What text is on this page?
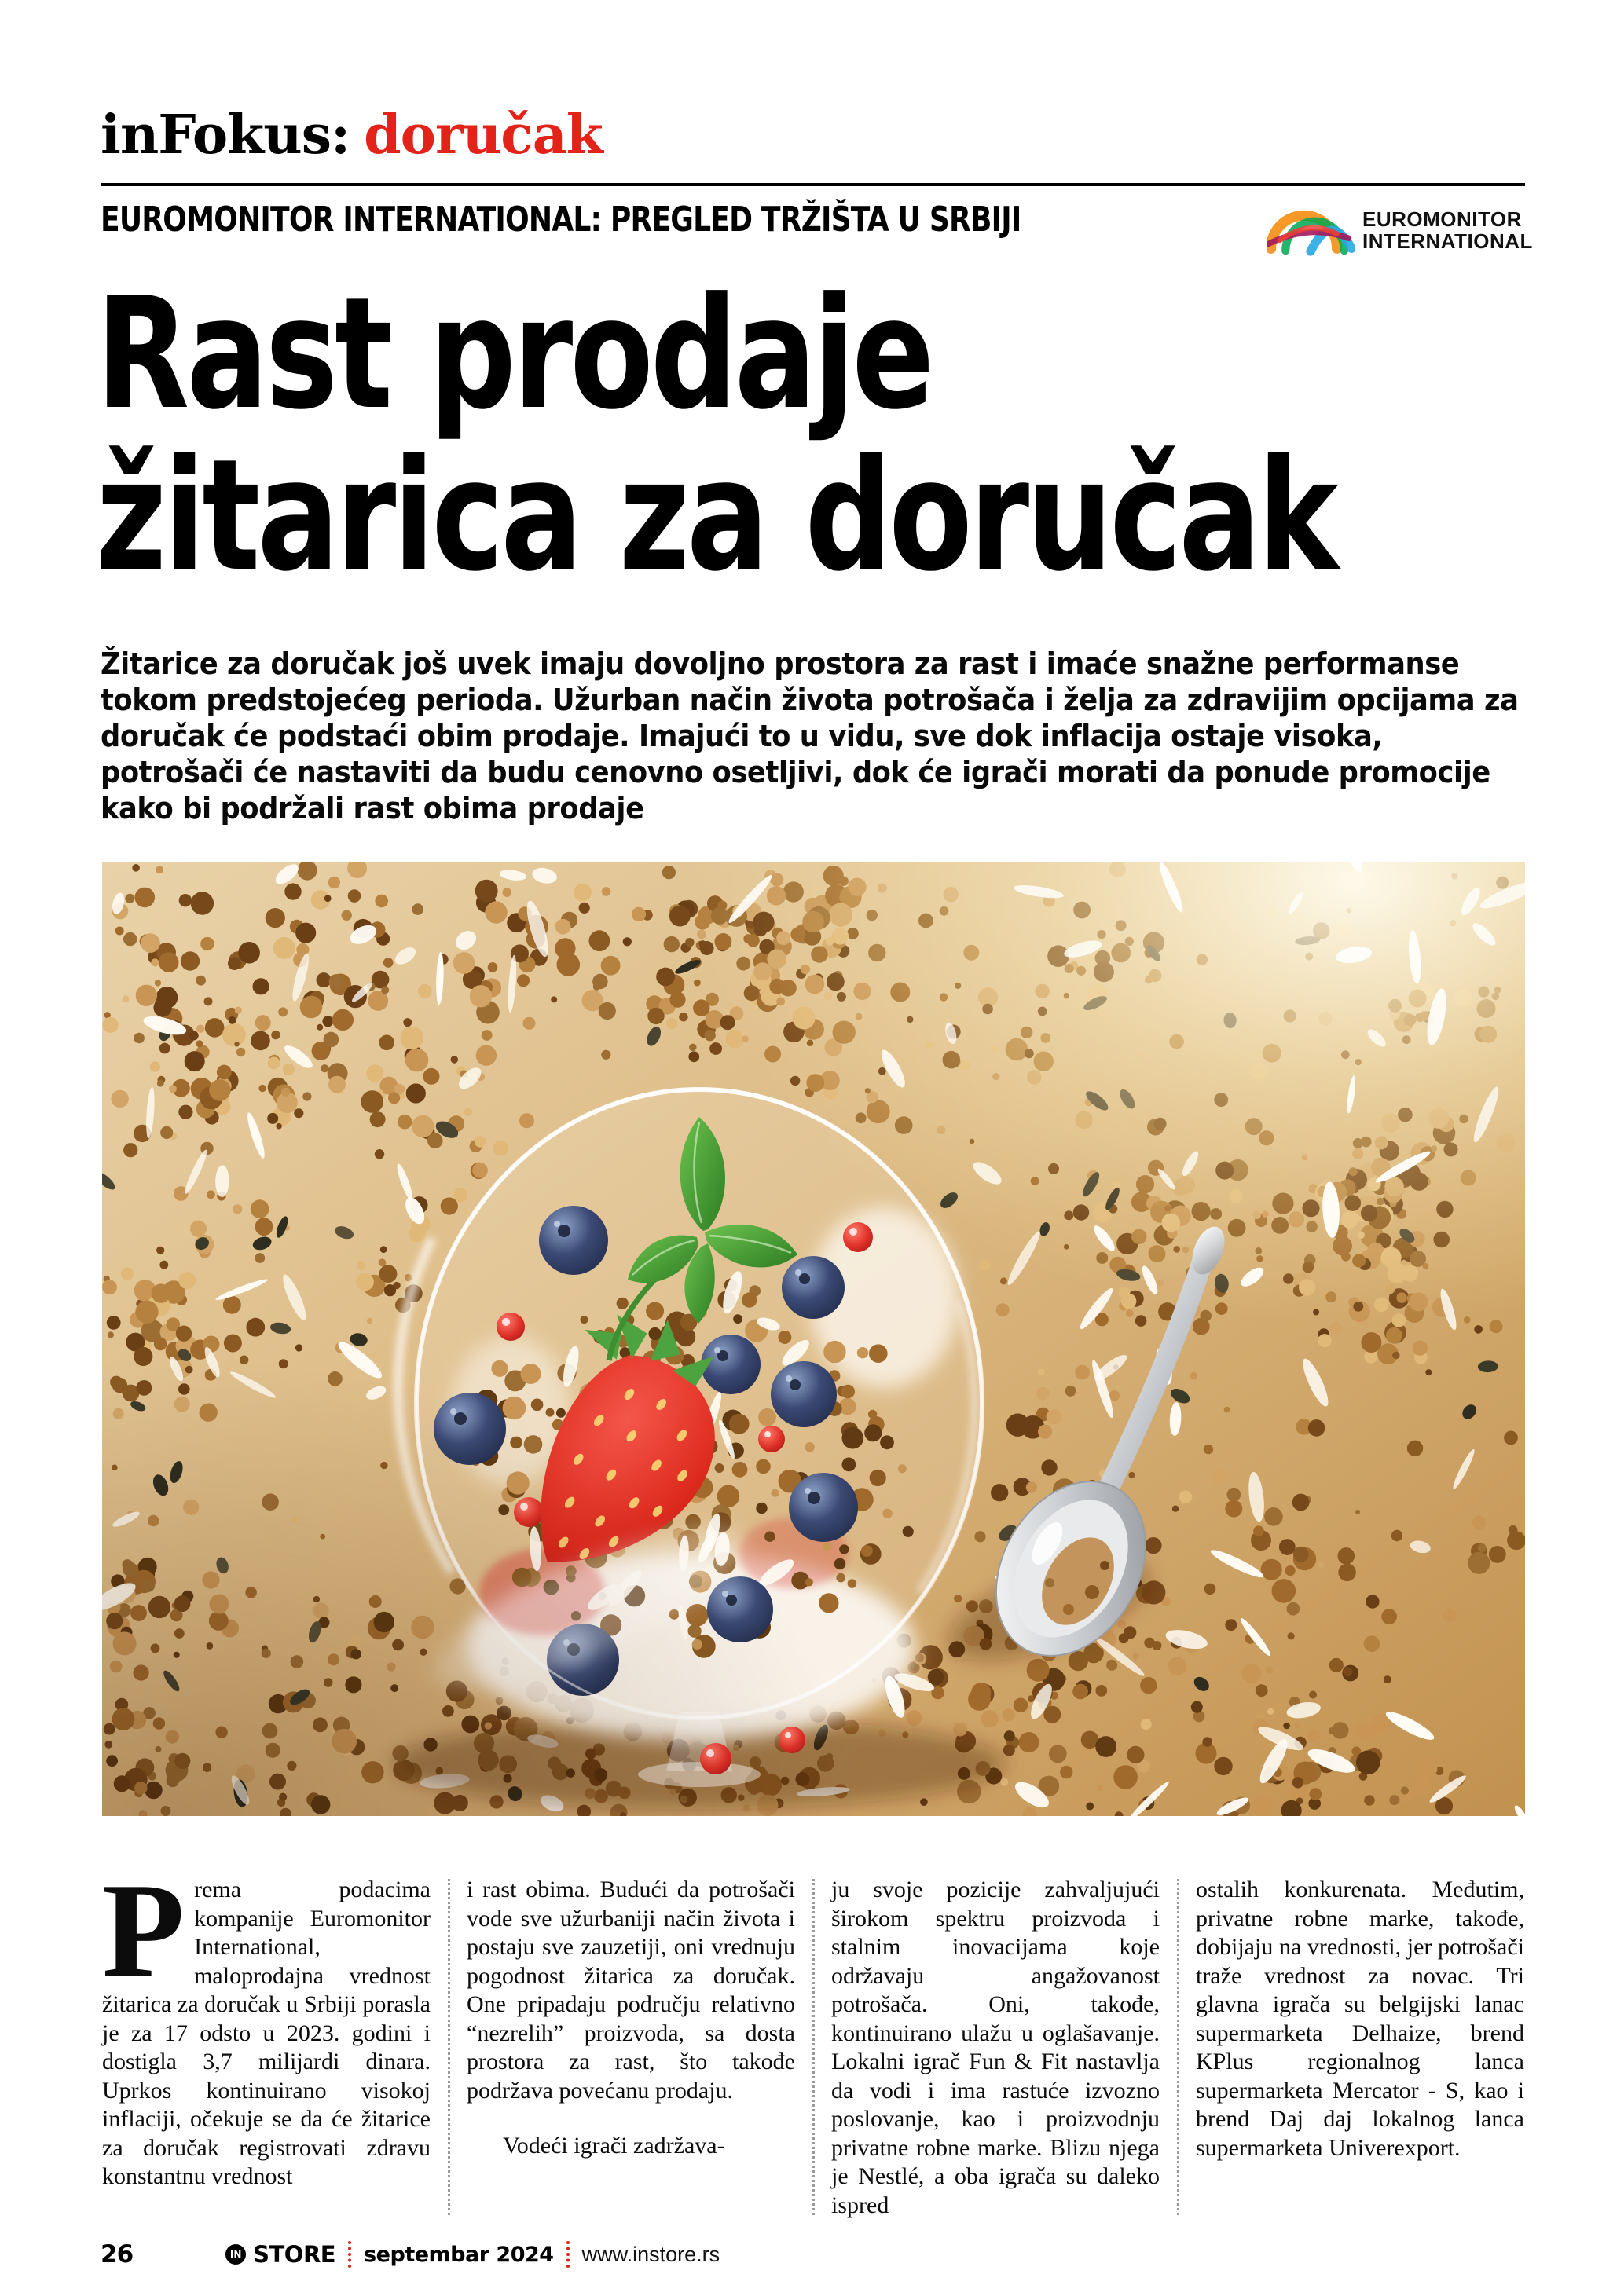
inFokus: doručak
EUROMONITOR INTERNATIONAL: PREGLED TRŽIŠTA U SRBIJI	EUROMONITOR
INTERNATIONAL
Rast prodaje
žitarica za doručak
Žitarice za doručak još uvek imaju dovoljno prostora za rast i imaće snažne performanse tokom predstojećeg perioda. Užurban način života potrošača i želja za zdravijim opcijama za doručak će podstaći obim prodaje. Imajući to u vidu, sve dok inflacija ostaje visoka, potrošači će nastaviti da budu cenovno osetljivi, dok će igrači morati da ponude promocije kako bi podržali rast obima prodaje
Prema podacima kompanije Euromonitor International, maloprodajna vrednost žitarica za doručak u Srbiji porasla je za 17 odsto u 2023. godini i dostigla 3,7 milijardi dinara. Uprkos kontinuirano visokoj inflaciji, očekuje se da će žitarice za doručak registrovati zdravu konstantnu vrednost
i rast obima. Budući da potrošači vode sve užurbaniji način života i postaju sve zauzetiji, oni vrednuju pogodnost žitarica za doručak. One pripadaju području relativno “nezrelih” proizvoda, sa dosta prostora za rast, što takođe podržava povećanu prodaju.
Vodeći igrači zadržava-
ju svoje pozicije zahvaljujući širokom spektru proizvoda i stalnim inovacijama koje održavaju angažovanost potrošača. Oni, takođe, kontinuirano ulažu u oglašavanje. Lokalni igrač Fun & Fit nastavlja da vodi i ima rastuće izvozno poslovanje, kao i proizvodnju privatne robne marke. Blizu njega je Nestlé, a oba igrača su daleko ispred
ostalih konkurenata. Međutim, privatne robne marke, takođe, dobijaju na vrednosti, jer potrošači traže vrednost za novac. Tri glavna igrača su belgijski lanac supermarketa Delhaize, brend KPlus regionalnog lanca supermarketa Mercator - S, kao i brend Daj daj lokalnog lanca supermarketa Univerexport.
26	IN STORE septembar 2024 www.instore.rs
